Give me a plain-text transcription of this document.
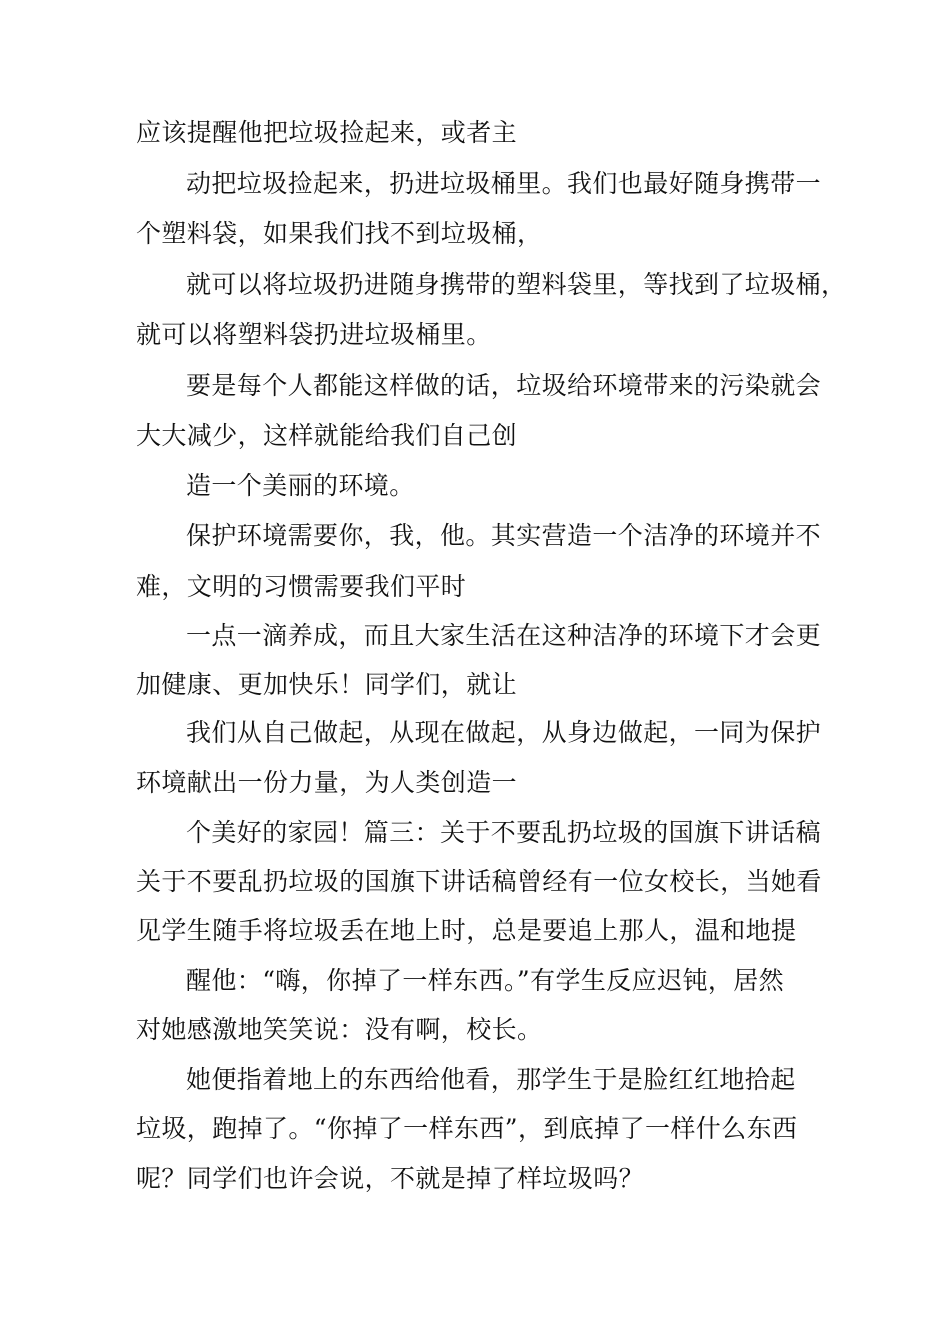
应该提醒他把垃圾捡起来，或者主
动把垃圾捡起来，扔进垃圾桶里。我们也最好随身携带一
个塑料袋，如果我们找不到垃圾桶，
就可以将垃圾扔进随身携带的塑料袋里，等找到了垃圾桶，
就可以将塑料袋扔进垃圾桶里。
要是每个人都能这样做的话，垃圾给环境带来的污染就会
大大减少，这样就能给我们自己创
造一个美丽的环境。
保护环境需要你，我，他。其实营造一个洁净的环境并不
难，文明的习惯需要我们平时
一点一滴养成，而且大家生活在这种洁净的环境下才会更
加健康、更加快乐！同学们，就让
我们从自己做起，从现在做起，从身边做起，一同为保护
环境献出一份力量，为人类创造一
个美好的家园！篇三：关于不要乱扔垃圾的国旗下讲话稿
关于不要乱扔垃圾的国旗下讲话稿曾经有一位女校长，当她看
见学生随手将垃圾丢在地上时，总是要追上那人，温和地提
醒他：“嗨，你掉了一样东西。”有学生反应迟钝，居然
对她感激地笑笑说：没有啊，校长。
她便指着地上的东西给他看，那学生于是脸红红地拾起
垃圾，跑掉了。“你掉了一样东西”，到底掉了一样什么东西
呢？同学们也许会说，不就是掉了样垃圾吗？
